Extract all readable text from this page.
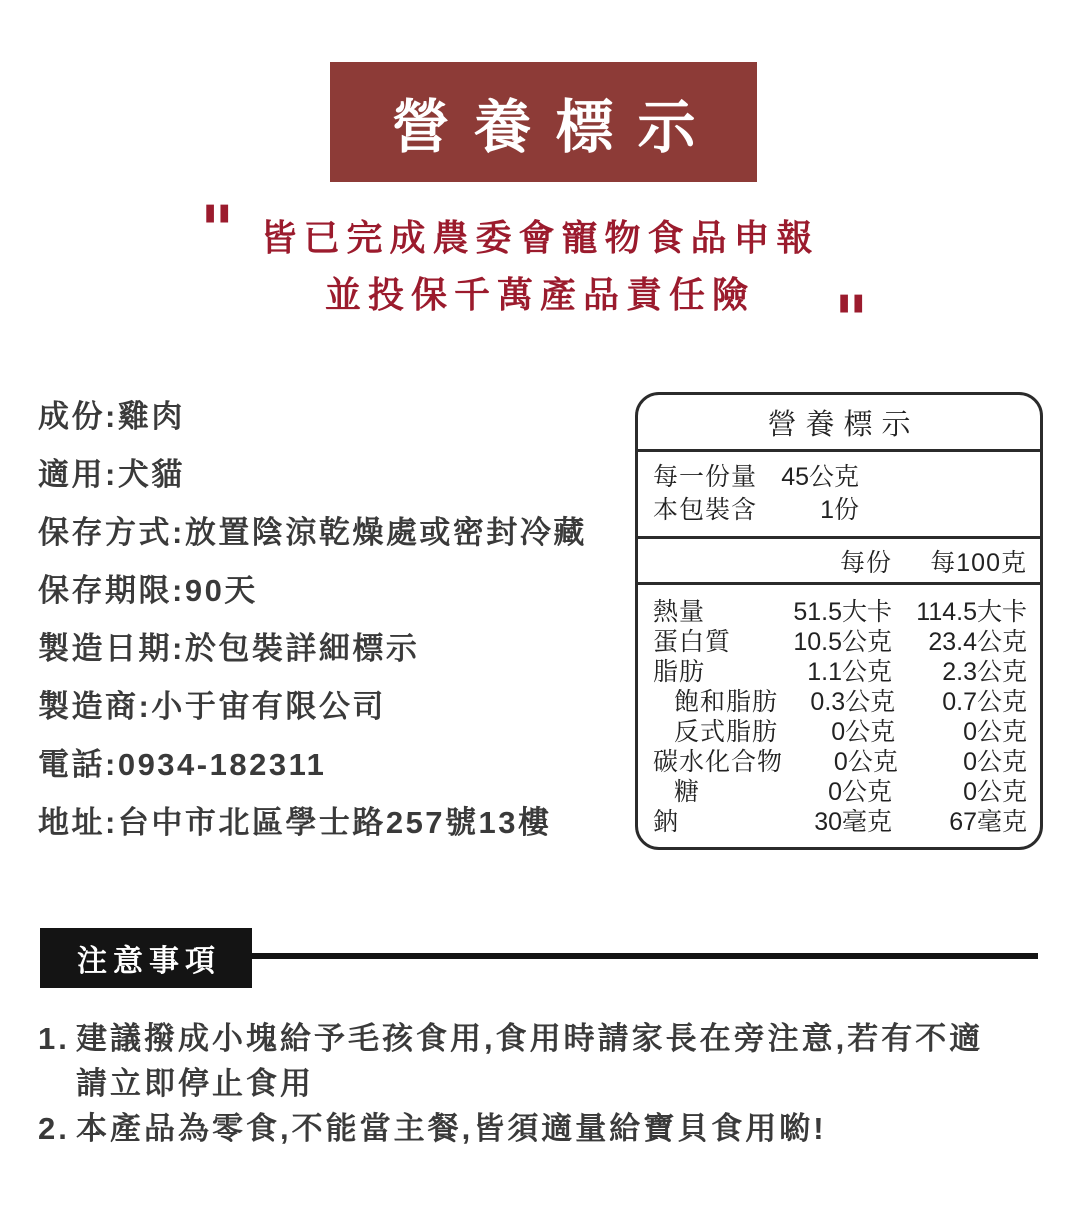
營養標示
" 皆已完成農委會寵物食品申報
並投保千萬產品責任險	"
成份:雞肉
適用:犬貓
保存方式:放置陰涼乾燥處或密封冷藏
保存期限:90天
製造日期:於包裝詳細標示
製造商:小于宙有限公司
電話:0934-182311
地址:台中市北區學士路257號13樓
營養標示
每一份量 45公克
本包裝含	1份
每份	每100克
熱量	51.5大卡 114.5大卡
蛋白質	10.5公克	23.4公克
脂肪	1.1公克	2.3公克
飽和脂肪	0.3公克	0.7公克
反式脂肪	0公克	0公克
碳水化合物	0公克	0公克
糖	0公克	0公克
鈉	30毫克	67毫克
注意事項
1. 建議撥成小塊給予毛孩食用,食用時請家長在旁注意,若有不適
請立即停止食用
2. 本產品為零食,不能當主餐,皆須適量給寶貝食用喲!
